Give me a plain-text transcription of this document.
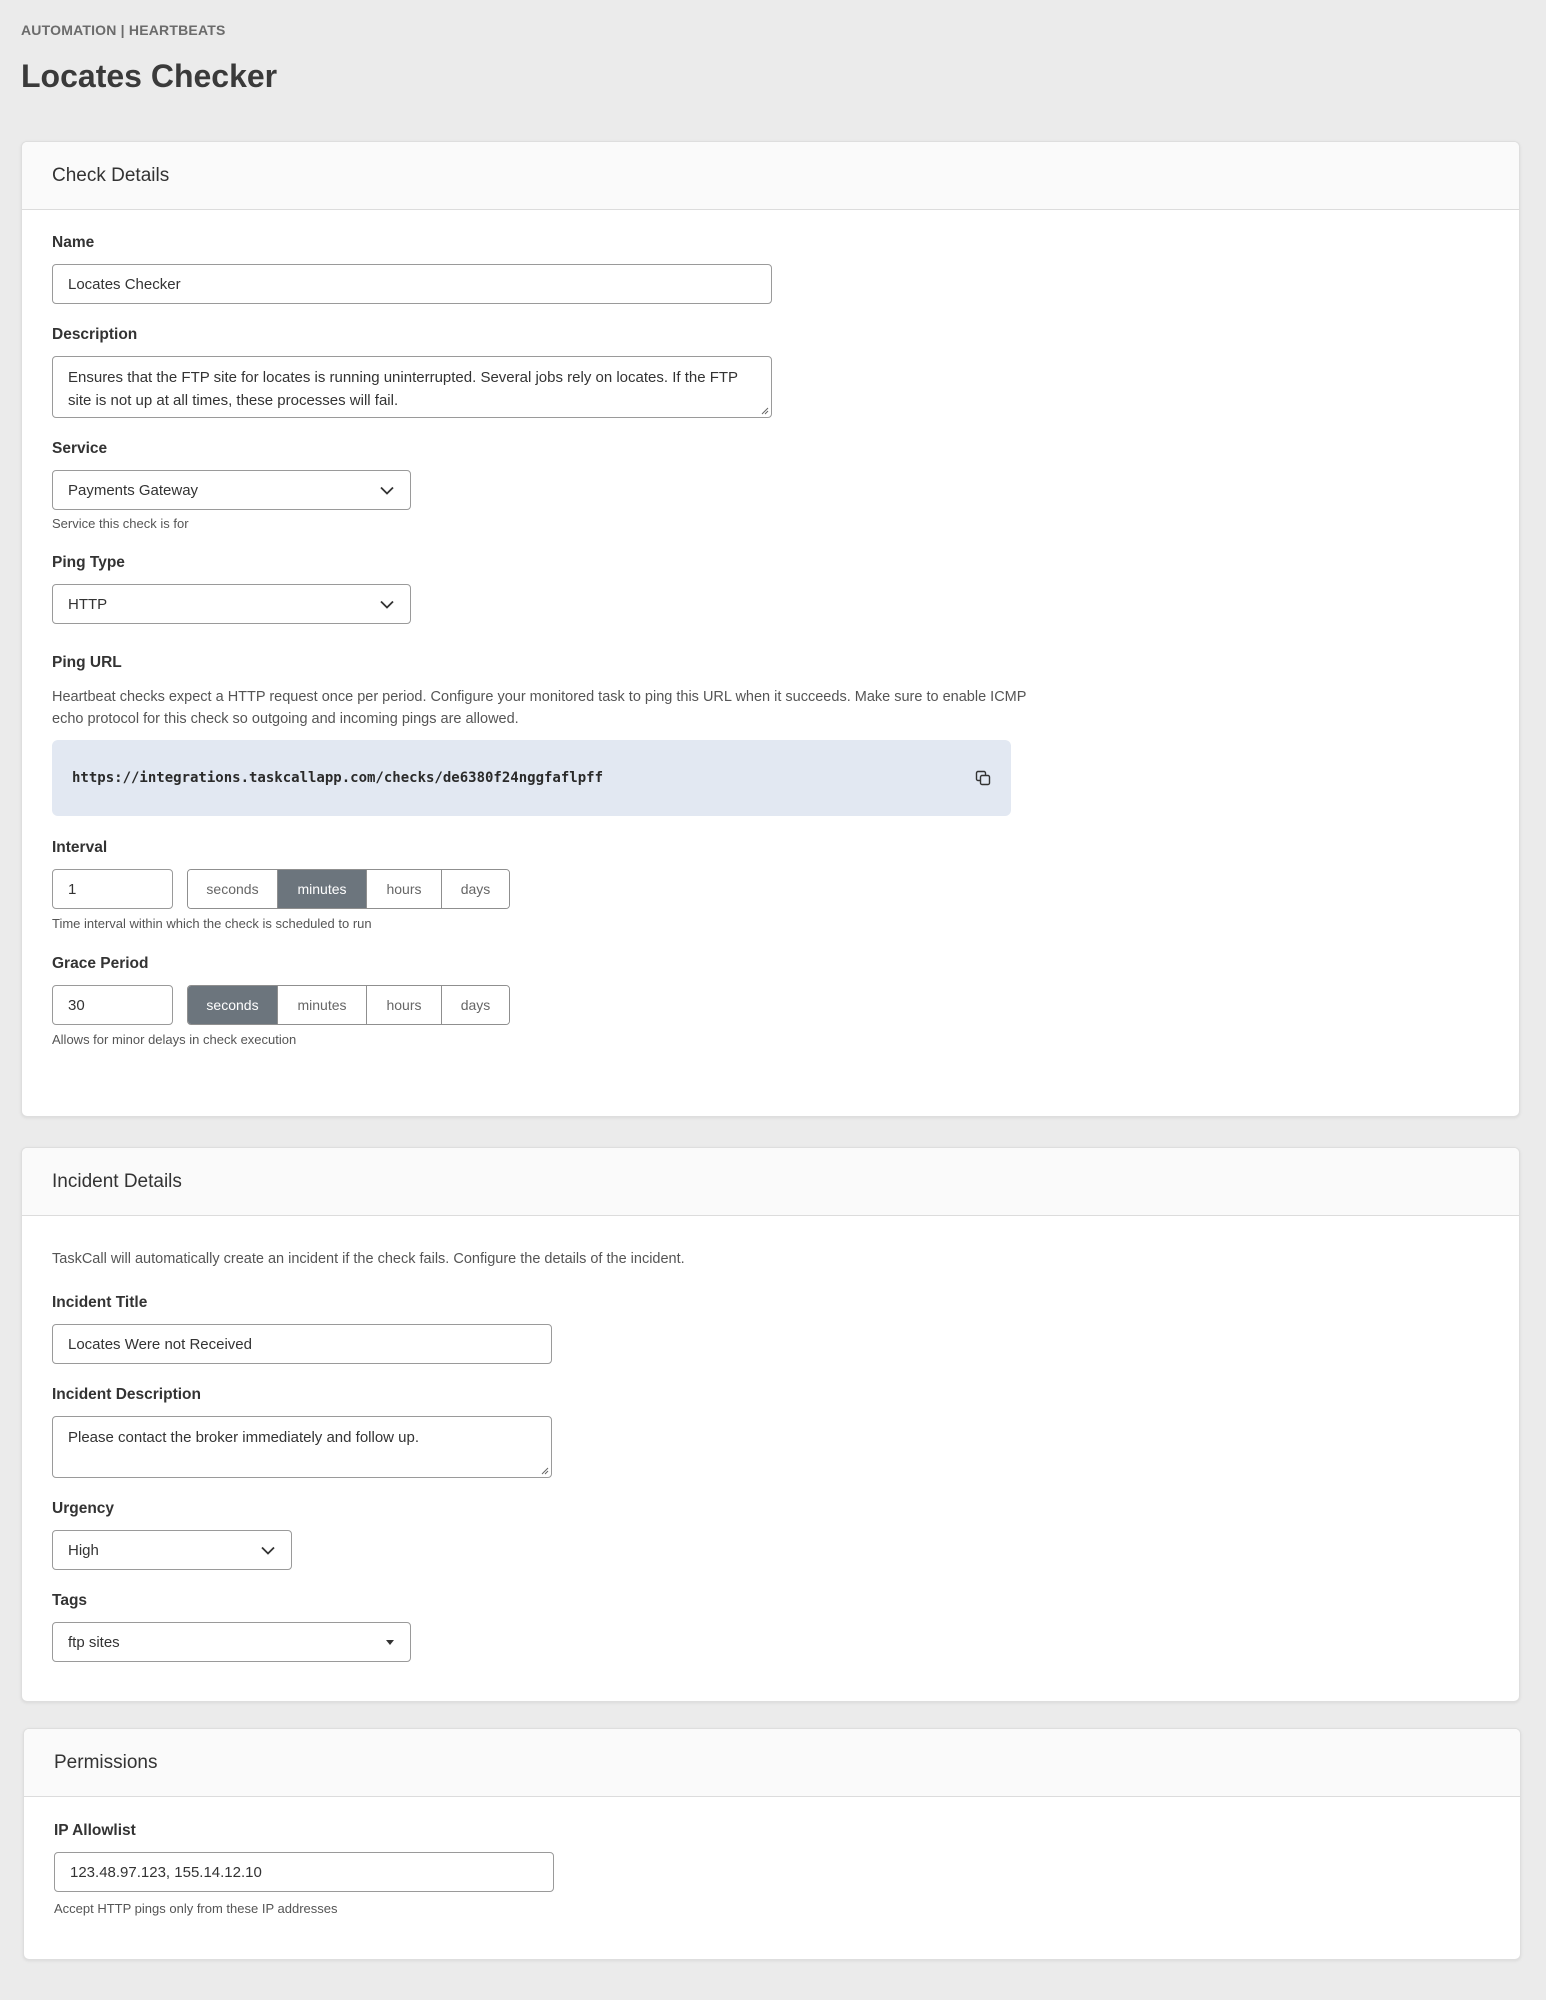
AUTOMATION | HEARTBEATS
Locates Checker
Check Details
Name
Locates Checker
Description
Ensures that the FTP site for locates is running uninterrupted. Several jobs rely on locates. If the FTP site is not up at all times, these processes will fail.
Service
Payments Gateway
Service this check is for
Ping Type
HTTP
Ping URL
Heartbeat checks expect a HTTP request once per period. Configure your monitored task to ping this URL when it succeeds. Make sure to enable ICMP echo protocol for this check so outgoing and incoming pings are allowed.
https://integrations.taskcallapp.com/checks/de6380f24nggfaflpff
Interval
1	seconds	minutes	hours	days
Time interval within which the check is scheduled to run
Grace Period
30	seconds	minutes	hours	days
Allows for minor delays in check execution
Incident Details
TaskCall will automatically create an incident if the check fails. Configure the details of the incident.
Incident Title
Locates Were not Received
Incident Description
Please contact the broker immediately and follow up.
Urgency
High
Tags
ftp sites
Permissions
IP Allowlist
123.48.97.123, 155.14.12.10
Accept HTTP pings only from these IP addresses
